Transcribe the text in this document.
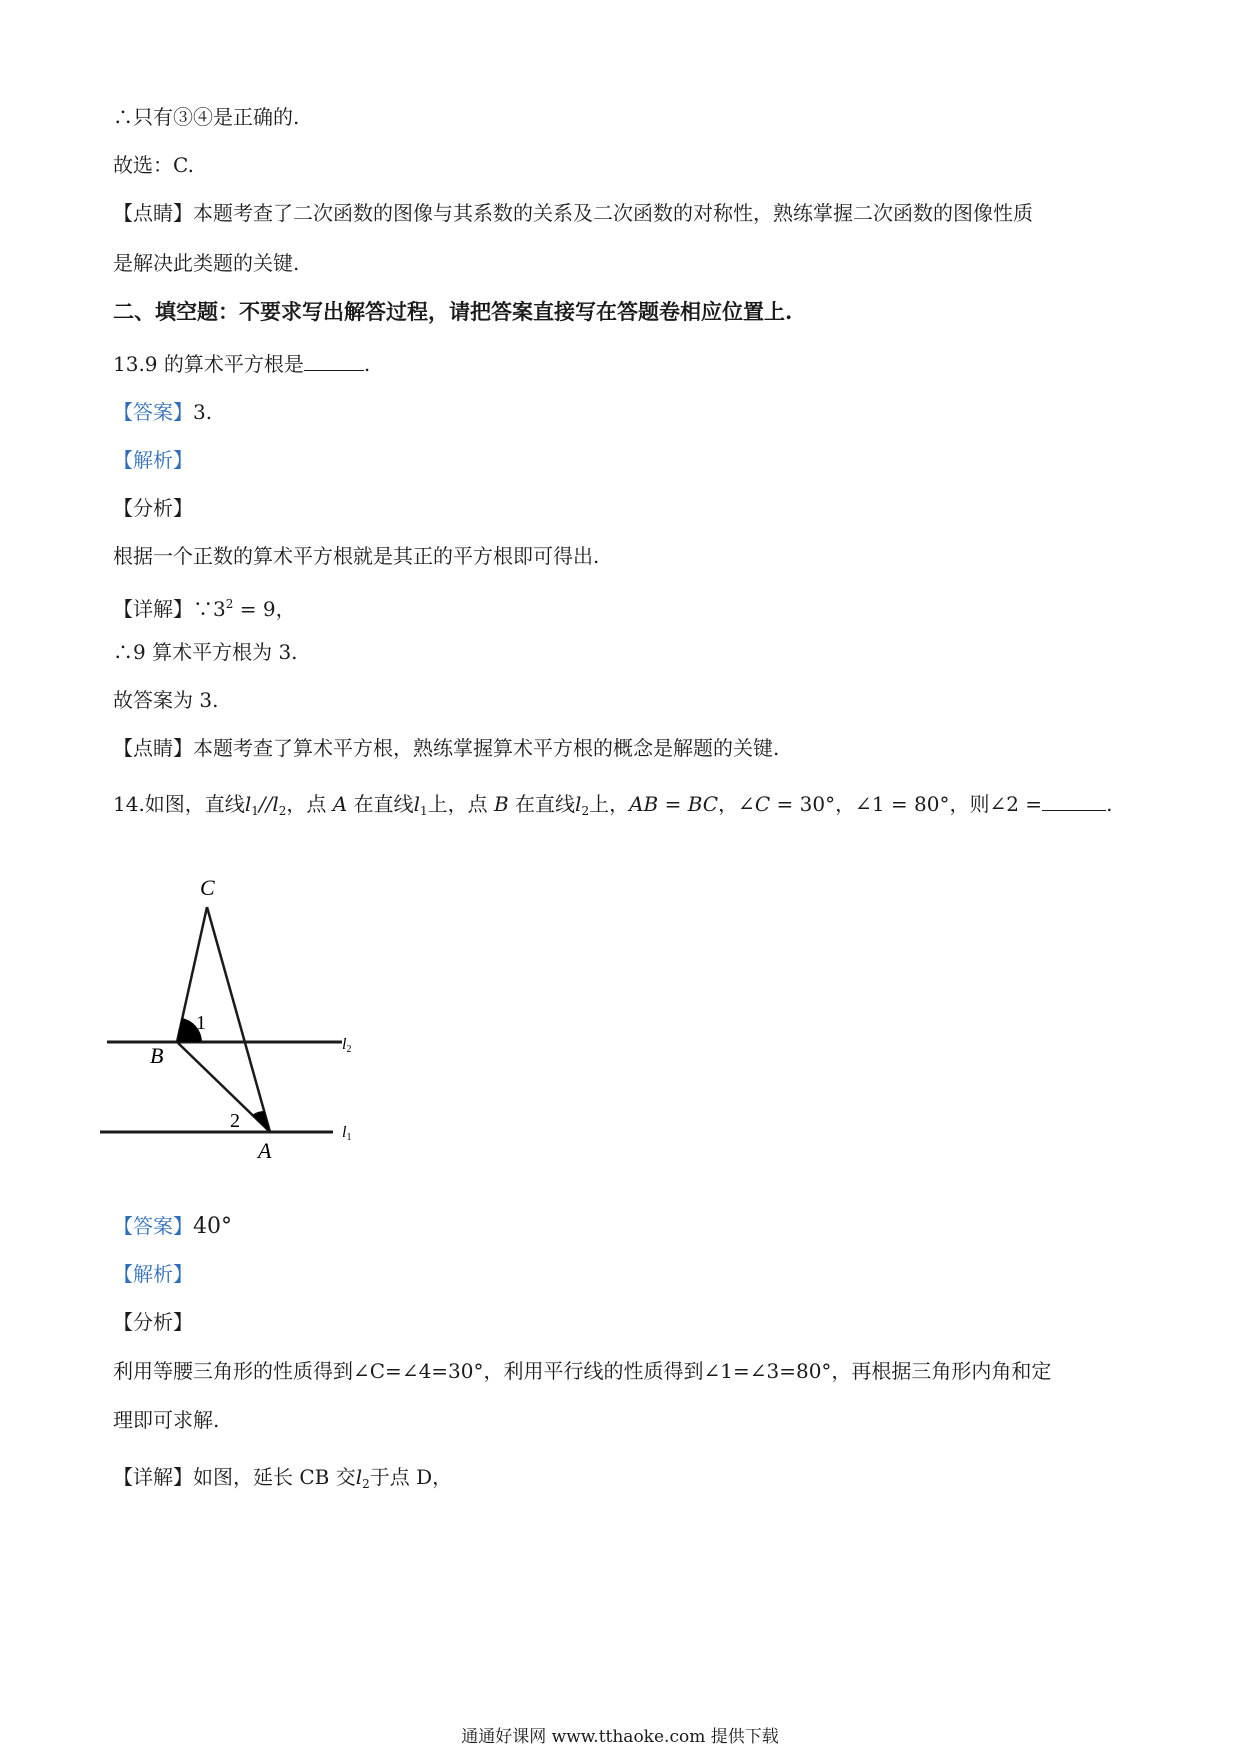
∴只有③④是正确的.
故选：C.
【点睛】本题考查了二次函数的图像与其系数的关系及二次函数的对称性，熟练掌握二次函数的图像性质
是解决此类题的关键.
二、填空题：不要求写出解答过程，请把答案直接写在答题卷相应位置上.
13.9 的算术平方根是	.
【答案】3.
【解析】
【分析】
根据一个正数的算术平方根就是其正的平方根即可得出.
【详解】$\because 3^2 = 9$，
∴9 算术平方根为 3.
故答案为 3.
【点睛】本题考查了算术平方根，熟练掌握算术平方根的概念是解题的关键.
14.如图，直线$l_1//l_2$，点 A 在直线$l_1$上，点 B 在直线$l_2$上，AB = BC，∠C = 30°，∠1 = 80°，则∠2 =	.
C
B
A
1
2
l2
l1
【答案】40°
【解析】
【分析】
利用等腰三角形的性质得到∠C=∠4=30°，利用平行线的性质得到∠1=∠3=80°，再根据三角形内角和定
理即可求解.
【详解】如图，延长 CB 交$l_2$于点 D，
通通好课网 www.tthaoke.com 提供下载
